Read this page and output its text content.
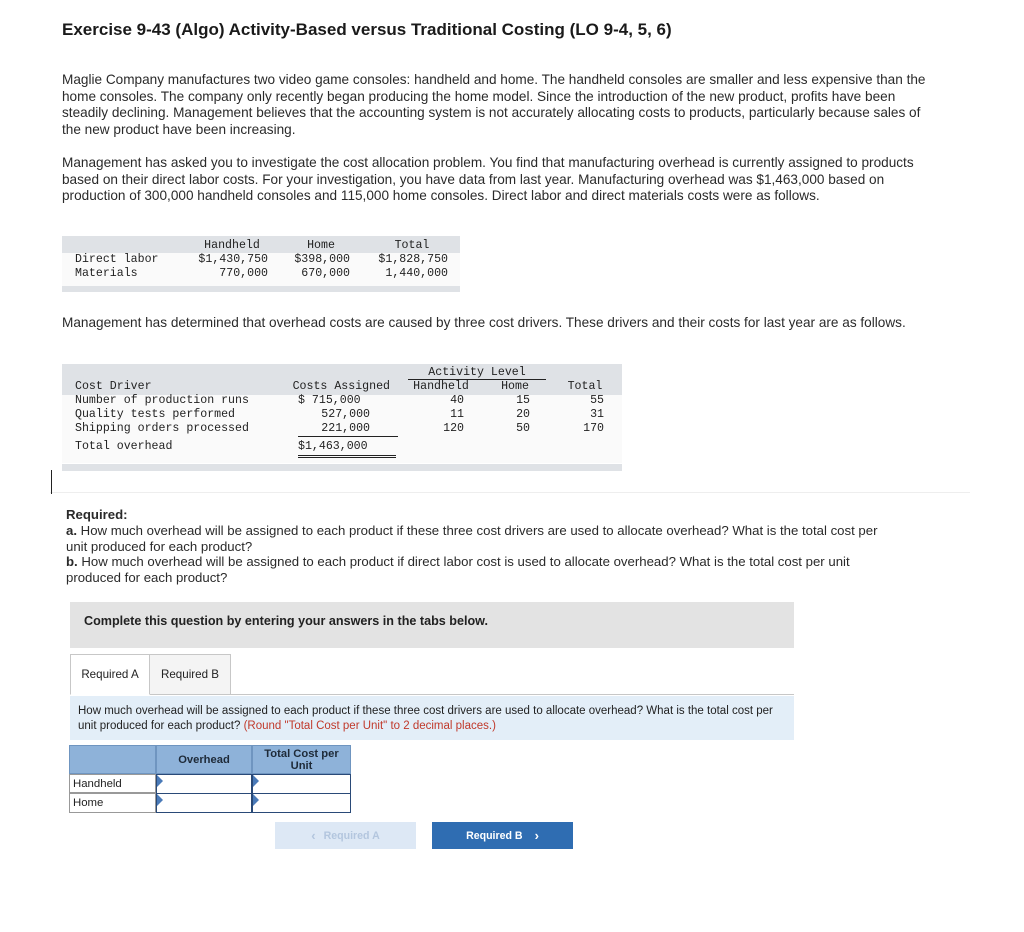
Exercise 9-43 (Algo) Activity-Based versus Traditional Costing (LO 9-4, 5, 6)
Maglie Company manufactures two video game consoles: handheld and home. The handheld consoles are smaller and less expensive than the home consoles. The company only recently began producing the home model. Since the introduction of the new product, profits have been steadily declining. Management believes that the accounting system is not accurately allocating costs to products, particularly because sales of the new product have been increasing.
Management has asked you to investigate the cost allocation problem. You find that manufacturing overhead is currently assigned to products based on their direct labor costs. For your investigation, you have data from last year. Manufacturing overhead was $1,463,000 based on production of 300,000 handheld consoles and 115,000 home consoles. Direct labor and direct materials costs were as follows.
Handheld	Home	Total
Direct labor	$1,430,750	$398,000	$1,828,750
Materials	770,000	670,000	1,440,000
Management has determined that overhead costs are caused by three cost drivers. These drivers and their costs for last year are as follows.
Activity Level
Cost Driver	Costs Assigned	Handheld	Home	Total
Number of production runs	$ 715,000	40	15	55
Quality tests performed	527,000	11	20	31
Shipping orders processed	221,000	120	50	170
Total overhead	$1,463,000
Required:
a. How much overhead will be assigned to each product if these three cost drivers are used to allocate overhead? What is the total cost per unit produced for each product?
b. How much overhead will be assigned to each product if direct labor cost is used to allocate overhead? What is the total cost per unit produced for each product?
Complete this question by entering your answers in the tabs below.
Required A Required B
How much overhead will be assigned to each product if these three cost drivers are used to allocate overhead? What is the total cost per unit produced for each product? (Round "Total Cost per Unit" to 2 decimal places.)
Overhead	Total Cost per Unit
Handheld
Home
‹ Required A	Required B ›
